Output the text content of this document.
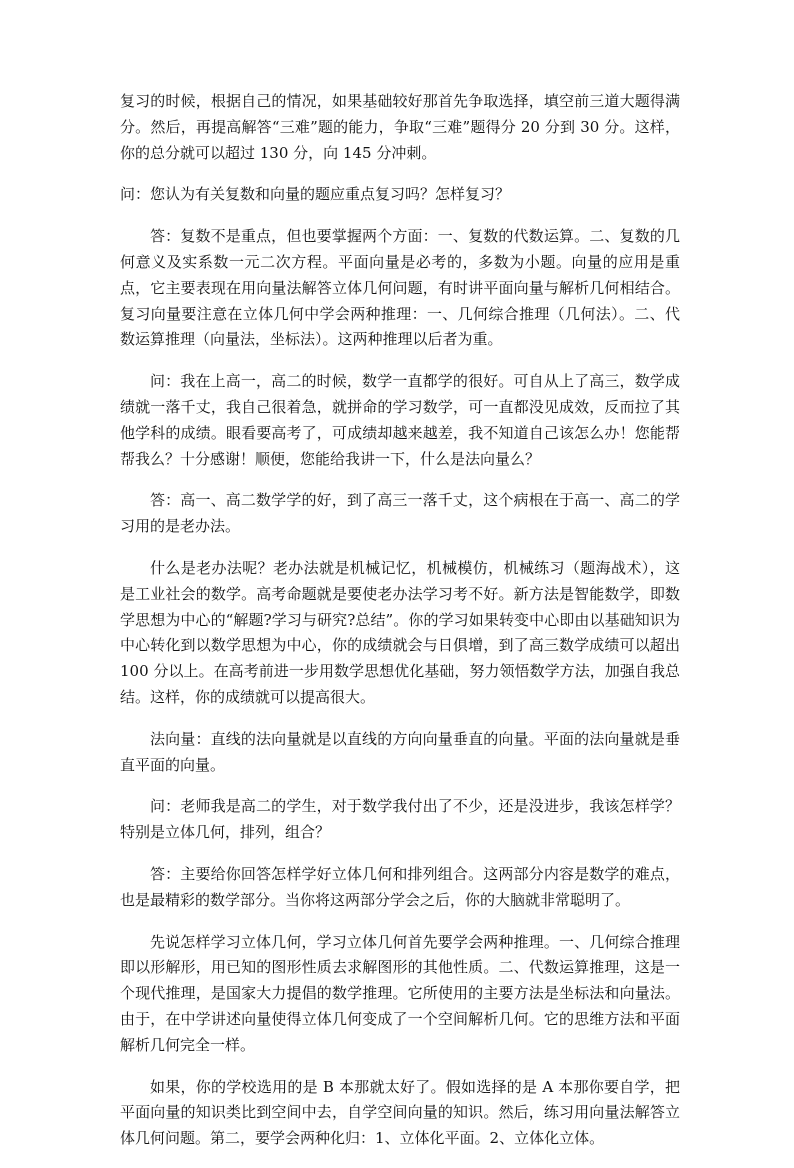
复习的时候，根据自己的情况，如果基础较好那首先争取选择，填空前三道大题得满分。然后，再提高解答“三难”题的能力，争取“三难”题得分 20 分到 30 分。这样，你的总分就可以超过 130 分，向 145 分冲刺。

问：您认为有关复数和向量的题应重点复习吗？怎样复习？

答：复数不是重点，但也要掌握两个方面：一、复数的代数运算。二、复数的几何意义及实系数一元二次方程。平面向量是必考的，多数为小题。向量的应用是重点，它主要表现在用向量法解答立体几何问题，有时讲平面向量与解析几何相结合。复习向量要注意在立体几何中学会两种推理：一、几何综合推理（几何法）。二、代数运算推理（向量法，坐标法）。这两种推理以后者为重。

问：我在上高一，高二的时候，数学一直都学的很好。可自从上了高三，数学成绩就一落千丈，我自己很着急，就拼命的学习数学，可一直都没见成效，反而拉了其他学科的成绩。眼看要高考了，可成绩却越来越差，我不知道自己该怎么办！您能帮帮我么？十分感谢！顺便，您能给我讲一下，什么是法向量么？

答：高一、高二数学学的好，到了高三一落千丈，这个病根在于高一、高二的学习用的是老办法。

什么是老办法呢？老办法就是机械记忆，机械模仿，机械练习（题海战术），这是工业社会的数学。高考命题就是要使老办法学习考不好。新方法是智能数学，即数学思想为中心的“解题?学习与研究?总结”。你的学习如果转变中心即由以基础知识为中心转化到以数学思想为中心，你的成绩就会与日俱增，到了高三数学成绩可以超出 100 分以上。在高考前进一步用数学思想优化基础，努力领悟数学方法，加强自我总结。这样，你的成绩就可以提高很大。

法向量：直线的法向量就是以直线的方向向量垂直的向量。平面的法向量就是垂直平面的向量。

问：老师我是高二的学生，对于数学我付出了不少，还是没进步，我该怎样学？特别是立体几何，排列，组合？

答：主要给你回答怎样学好立体几何和排列组合。这两部分内容是数学的难点，也是最精彩的数学部分。当你将这两部分学会之后，你的大脑就非常聪明了。

先说怎样学习立体几何，学习立体几何首先要学会两种推理。一、几何综合推理即以形解形，用已知的图形性质去求解图形的其他性质。二、代数运算推理，这是一个现代推理，是国家大力提倡的数学推理。它所使用的主要方法是坐标法和向量法。由于，在中学讲述向量使得立体几何变成了一个空间解析几何。它的思维方法和平面解析几何完全一样。

如果，你的学校选用的是 B 本那就太好了。假如选择的是 A 本那你要自学，把平面向量的知识类比到空间中去，自学空间向量的知识。然后，练习用向量法解答立体几何问题。第二，要学会两种化归：1、立体化平面。2、立体化立体。
